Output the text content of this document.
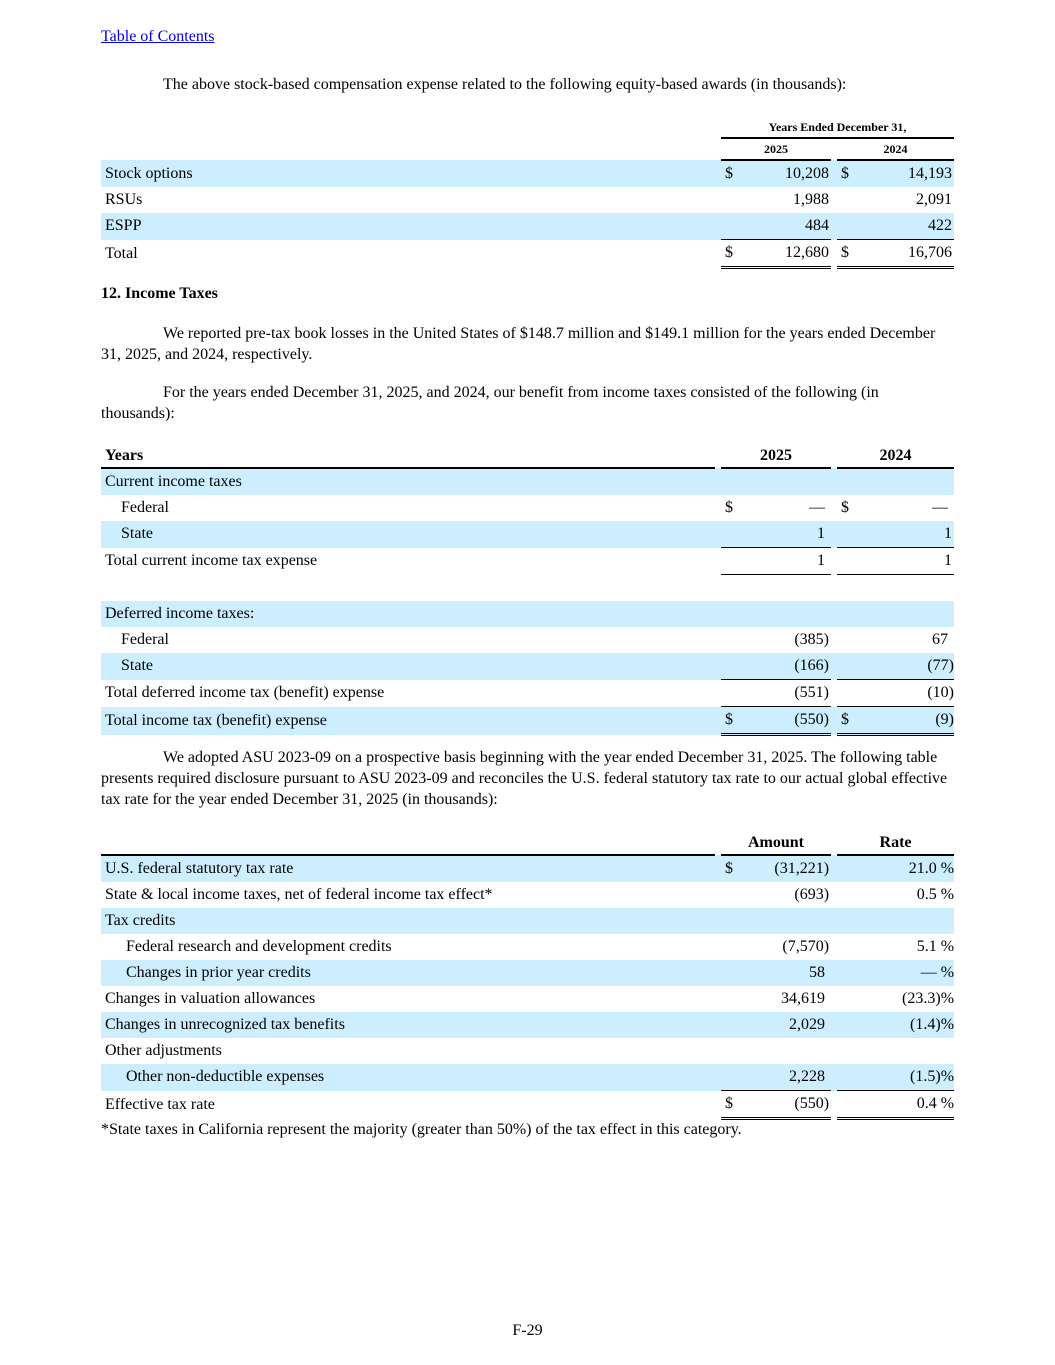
Table of Contents

The above stock-based compensation expense related to the following equity-based awards (in thousands):

	Years Ended December 31,				
	2025			2024	
Stock options	$	10,208		$	14,193
RSUs		1,988			2,091
ESPP		484			422
Total	$	12,680		$	16,706
12. Income Taxes

We reported pre-tax book losses in the United States of $148.7 million and $149.1 million for the years ended December 31, 2025, and 2024, respectively.

For the years ended December 31, 2025, and 2024, our benefit from income taxes consisted of the following (in thousands):

Years		2025			2024	
Current income taxes						
Federal		$	—		$	—
State			1			1
Total current income tax expense			1			1

Deferred income taxes:						
Federal			(385)			67
State			(166)			(77)
Total deferred income tax (benefit) expense			(551)			(10)
Total income tax (benefit) expense		$	(550)		$	(9)

We adopted ASU 2023-09 on a prospective basis beginning with the year ended December 31, 2025. The following table presents required disclosure pursuant to ASU 2023-09 and reconciles the U.S. federal statutory tax rate to our actual global effective tax rate for the year ended December 31, 2025 (in thousands):

		Amount			Rate
U.S. federal statutory tax rate		$	(31,221)		21.0 %
State & local income taxes, net of federal income tax effect*			(693)		0.5 %
Tax credits					
Federal research and development credits			(7,570)		5.1 %
Changes in prior year credits			58		— %
Changes in valuation allowances			34,619		(23.3)%
Changes in unrecognized tax benefits			2,029		(1.4)%
Other adjustments					
Other non-deductible expenses			2,228		(1.5)%
Effective tax rate		$	(550)		0.4 %

*State taxes in California represent the majority (greater than 50%) of the tax effect in this category.

F-29
